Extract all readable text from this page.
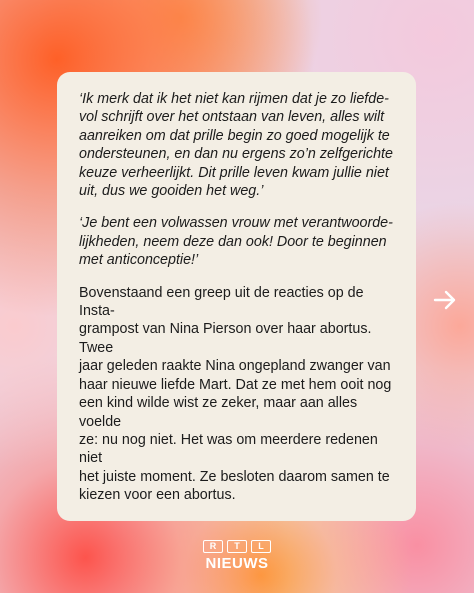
‘Ik merk dat ik het niet kan rijmen dat je zo liefde-
vol schrijft over het ontstaan van leven, alles wilt
aanreiken om dat prille begin zo goed mogelijk te
ondersteunen, en dan nu ergens zo’n zelfgerichte
keuze verheerlijkt. Dit prille leven kwam jullie niet
uit, dus we gooiden het weg.’

‘Je bent een volwassen vrouw met verantwoorde-
lijkheden, neem deze dan ook! Door te beginnen
met anticonceptie!’

Bovenstaand een greep uit de reacties op de Insta-
grampost van Nina Pierson over haar abortus. Twee
jaar geleden raakte Nina ongepland zwanger van
haar nieuwe liefde Mart. Dat ze met hem ooit nog
een kind wilde wist ze zeker, maar aan alles voelde
ze: nu nog niet. Het was om meerdere redenen niet
het juiste moment. Ze besloten daarom samen te
kiezen voor een abortus.

R	T	L
NIEUWS
